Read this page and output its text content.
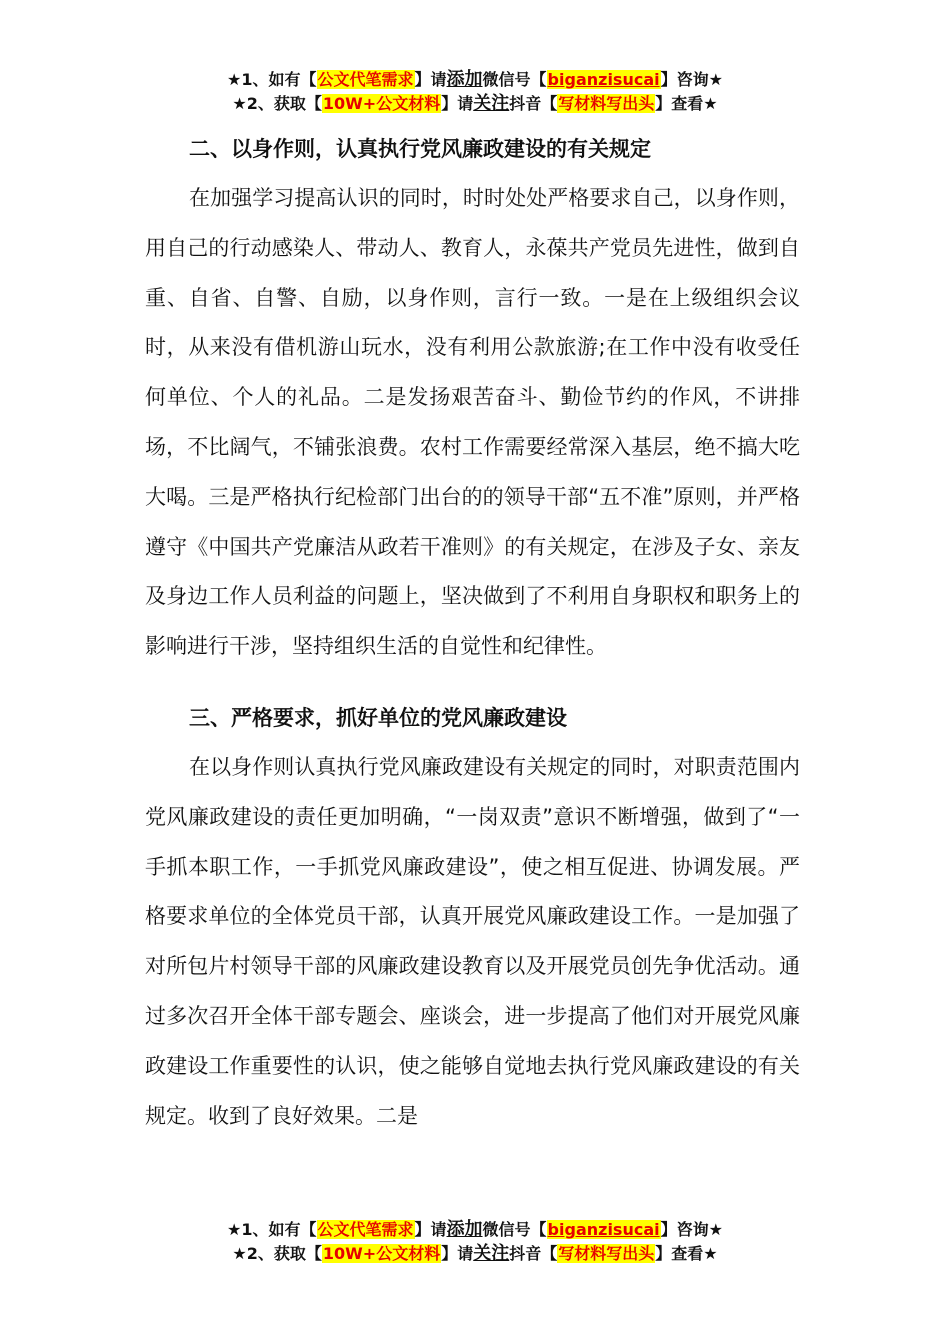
★1、如有【公文代笔需求】请添加微信号【biganzisucai】咨询★
★2、获取【10W+公文材料】请关注抖音【写材料写出头】查看★

二、以身作则，认真执行党风廉政建设的有关规定

在加强学习提高认识的同时，时时处处严格要求自己，以身作则，用自己的行动感染人、带动人、教育人，永葆共产党员先进性，做到自重、自省、自警、自励，以身作则，言行一致。一是在上级组织会议时，从来没有借机游山玩水，没有利用公款旅游;在工作中没有收受任何单位、个人的礼品。二是发扬艰苦奋斗、勤俭节约的作风，不讲排场，不比阔气，不铺张浪费。农村工作需要经常深入基层，绝不搞大吃大喝。三是严格执行纪检部门出台的的领导干部“五不准”原则，并严格遵守《中国共产党廉洁从政若干准则》的有关规定，在涉及子女、亲友及身边工作人员利益的问题上，坚决做到了不利用自身职权和职务上的影响进行干涉，坚持组织生活的自觉性和纪律性。

三、严格要求，抓好单位的党风廉政建设

在以身作则认真执行党风廉政建设有关规定的同时，对职责范围内党风廉政建设的责任更加明确，“一岗双责”意识不断增强，做到了“一手抓本职工作，一手抓党风廉政建设”，使之相互促进、协调发展。严格要求单位的全体党员干部，认真开展党风廉政建设工作。一是加强了对所包片村领导干部的风廉政建设教育以及开展党员创先争优活动。通过多次召开全体干部专题会、座谈会，进一步提高了他们对开展党风廉政建设工作重要性的认识，使之能够自觉地去执行党风廉政建设的有关规定。收到了良好效果。二是

★1、如有【公文代笔需求】请添加微信号【biganzisucai】咨询★
★2、获取【10W+公文材料】请关注抖音【写材料写出头】查看★
